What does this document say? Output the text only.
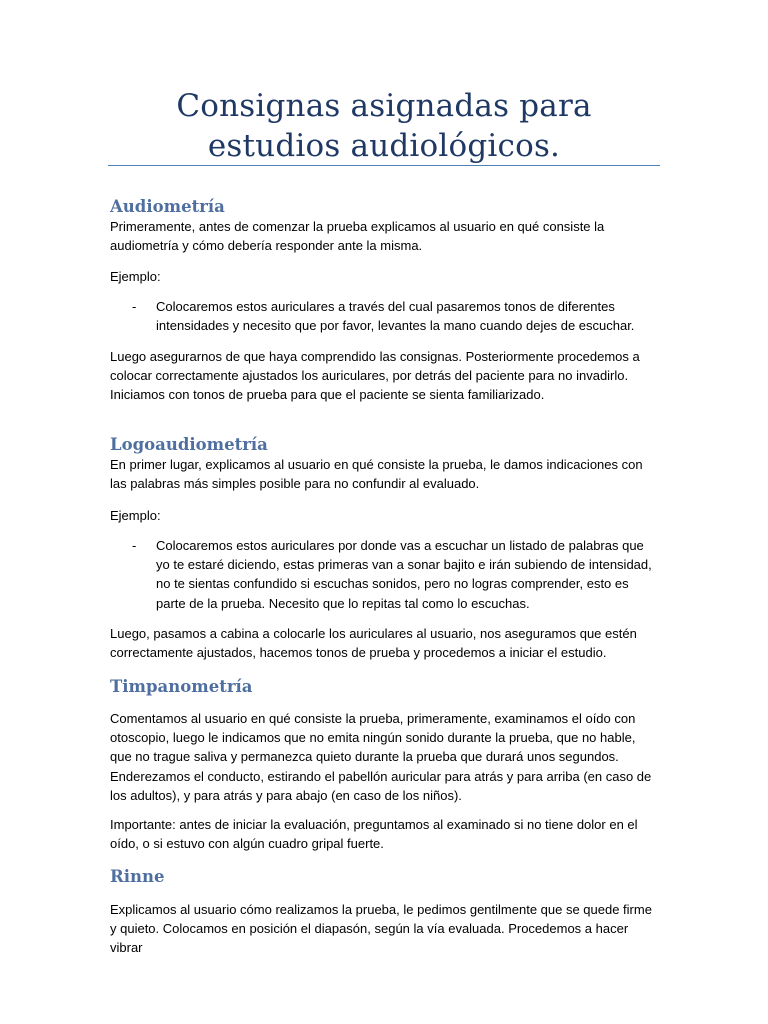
Consignas asignadas para estudios audiológicos.
Audiometría

Primeramente, antes de comenzar la prueba explicamos al usuario en qué consiste la audiometría y cómo debería responder ante la misma.

Ejemplo:

- Colocaremos estos auriculares a través del cual pasaremos tonos de diferentes intensidades y necesito que por favor, levantes la mano cuando dejes de escuchar.

Luego asegurarnos de que haya comprendido las consignas. Posteriormente procedemos a colocar correctamente ajustados los auriculares, por detrás del paciente para no invadirlo. Iniciamos con tonos de prueba para que el paciente se sienta familiarizado.

Logoaudiometría

En primer lugar, explicamos al usuario en qué consiste la prueba, le damos indicaciones con las palabras más simples posible para no confundir al evaluado.

Ejemplo:

- Colocaremos estos auriculares por donde vas a escuchar un listado de palabras que yo te estaré diciendo, estas primeras van a sonar bajito e irán subiendo de intensidad, no te sientas confundido si escuchas sonidos, pero no logras comprender, esto es parte de la prueba. Necesito que lo repitas tal como lo escuchas.

Luego, pasamos a cabina a colocarle los auriculares al usuario, nos aseguramos que estén correctamente ajustados, hacemos tonos de prueba y procedemos a iniciar el estudio.

Timpanometría

Comentamos al usuario en qué consiste la prueba, primeramente, examinamos el oído con otoscopio, luego le indicamos que no emita ningún sonido durante la prueba, que no hable, que no trague saliva y permanezca quieto durante la prueba que durará unos segundos. Enderezamos el conducto, estirando el pabellón auricular para atrás y para arriba (en caso de los adultos), y para atrás y para abajo (en caso de los niños).

Importante: antes de iniciar la evaluación, preguntamos al examinado si no tiene dolor en el oído, o si estuvo con algún cuadro gripal fuerte.

Rinne

Explicamos al usuario cómo realizamos la prueba, le pedimos gentilmente que se quede firme y quieto. Colocamos en posición el diapasón, según la vía evaluada. Procedemos a hacer vibrar
